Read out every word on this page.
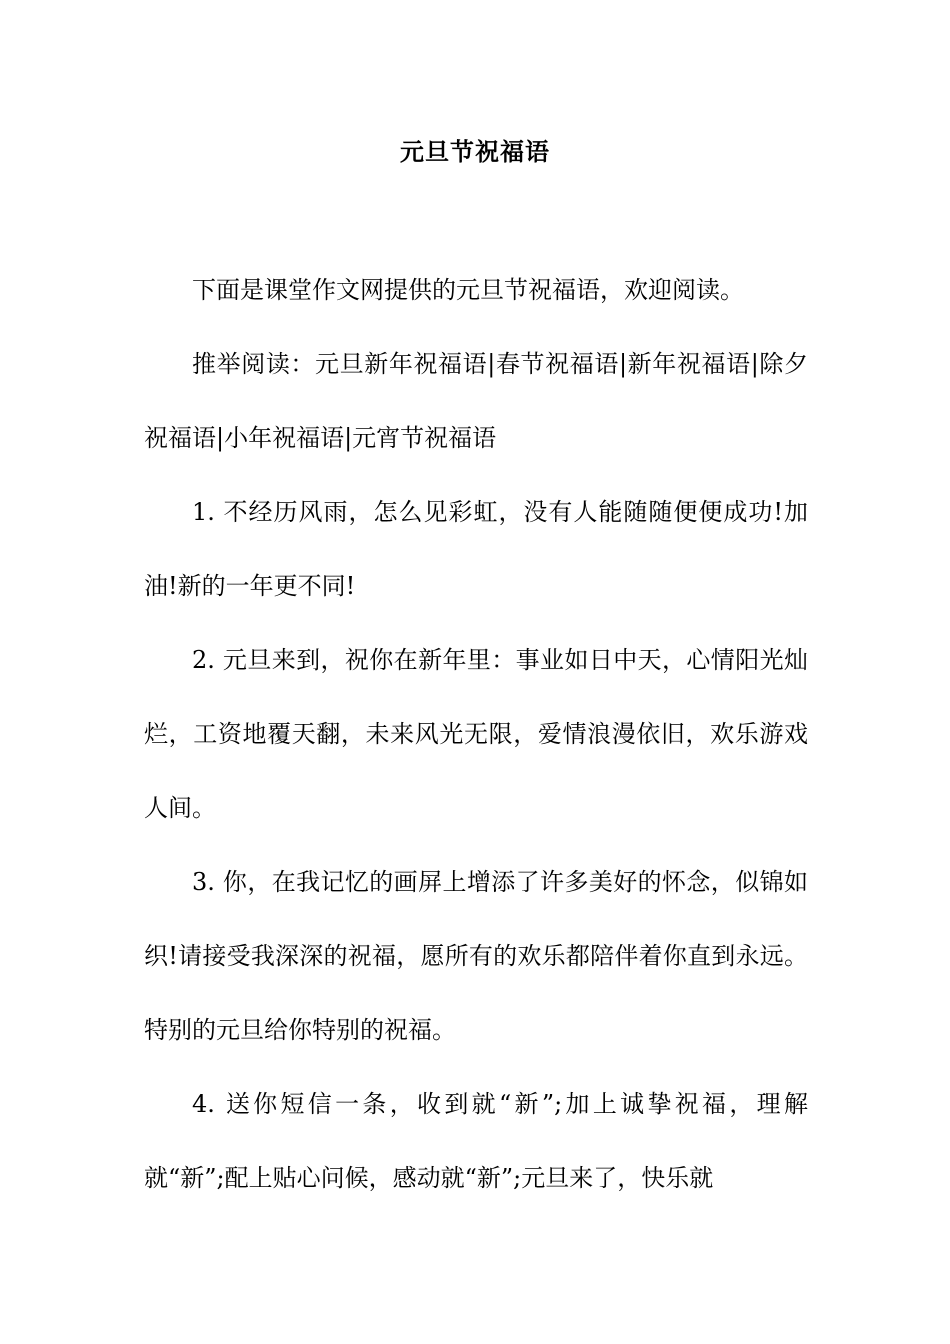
元旦节祝福语

下面是课堂作文网提供的元旦节祝福语，欢迎阅读。

推举阅读：元旦新年祝福语|春节祝福语|新年祝福语|除夕祝福语|小年祝福语|元宵节祝福语

1. 不经历风雨，怎么见彩虹，没有人能随随便便成功!加油!新的一年更不同!

2. 元旦来到，祝你在新年里：事业如日中天，心情阳光灿烂，工资地覆天翻，未来风光无限，爱情浪漫依旧，欢乐游戏人间。

3. 你，在我记忆的画屏上增添了许多美好的怀念，似锦如织!请接受我深深的祝福，愿所有的欢乐都陪伴着你直到永远。特别的元旦给你特别的祝福。

4. 送你短信一条，收到就“新”;加上诚挚祝福，理解就“新”;配上贴心问候，感动就“新”;元旦来了，快乐就
